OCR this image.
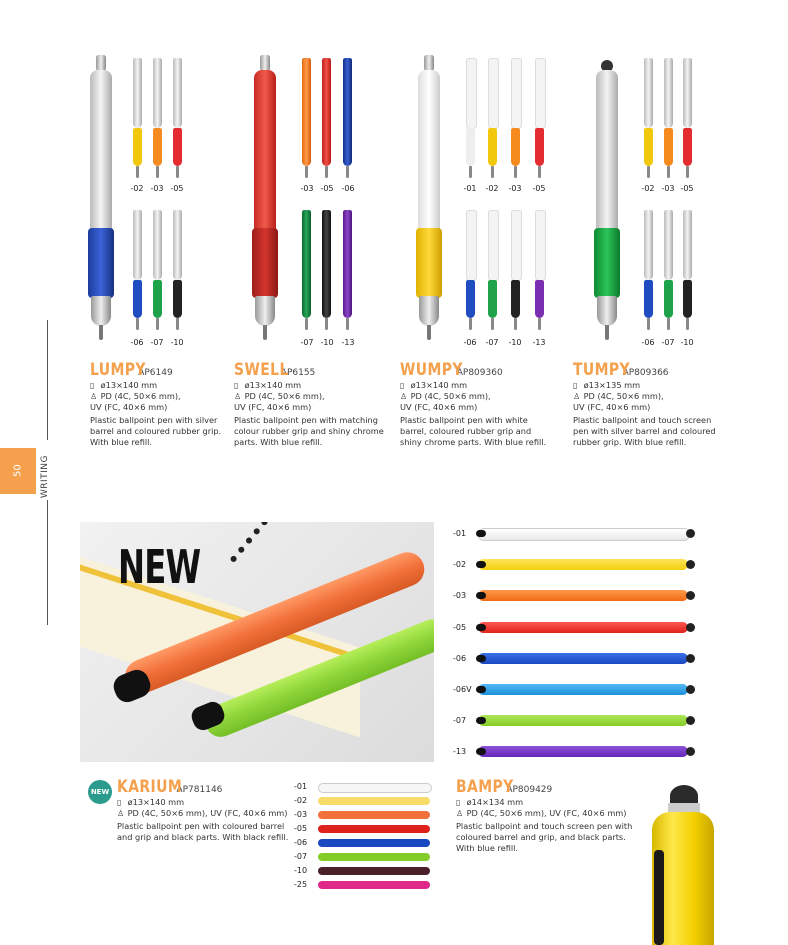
50	WRITING
-02 -03 -05
-06 -07 -10
-03 -05 -06
-07 -10 -13
-01	-02	-03	-05
-06	-07	-10	-13
-02 -03 -05
-06 -07 -10
LUMPYAP6149
▯ ø13×140 mm
♙ PD (4C, 50×6 mm),
UV (FC, 40×6 mm)
Plastic ballpoint pen with silver barrel and coloured rubber grip. With blue refill.
SWELLAP6155
▯ ø13×140 mm
♙ PD (4C, 50×6 mm),
UV (FC, 40×6 mm)
Plastic ballpoint pen with matching colour rubber grip and shiny chrome parts. With blue refill.
WUMPYAP809360
▯ ø13×140 mm
♙ PD (4C, 50×6 mm),
UV (FC, 40×6 mm)
Plastic ballpoint pen with white barrel, coloured rubber grip and shiny chrome parts. With blue refill.
TUMPYAP809366
▯ ø13×135 mm
♙ PD (4C, 50×6 mm),
UV (FC, 40×6 mm)
Plastic ballpoint and touch screen pen with silver barrel and coloured rubber grip. With blue refill.
NEW
-01
-02
-03
-05
-06
-06V
-07
-13
NEW KARIUMAP781146
▯ ø13×140 mm
♙ PD (4C, 50×6 mm), UV (FC, 40×6 mm)
Plastic ballpoint pen with coloured barrel and grip and black parts. With black refill.
-01
-02
-03
-05
-06
-07
-10
-25
BAMPYAP809429
▯ ø14×134 mm
♙ PD (4C, 50×6 mm), UV (FC, 40×6 mm)
Plastic ballpoint and touch screen pen with coloured barrel and grip, and black parts. With blue refill.
